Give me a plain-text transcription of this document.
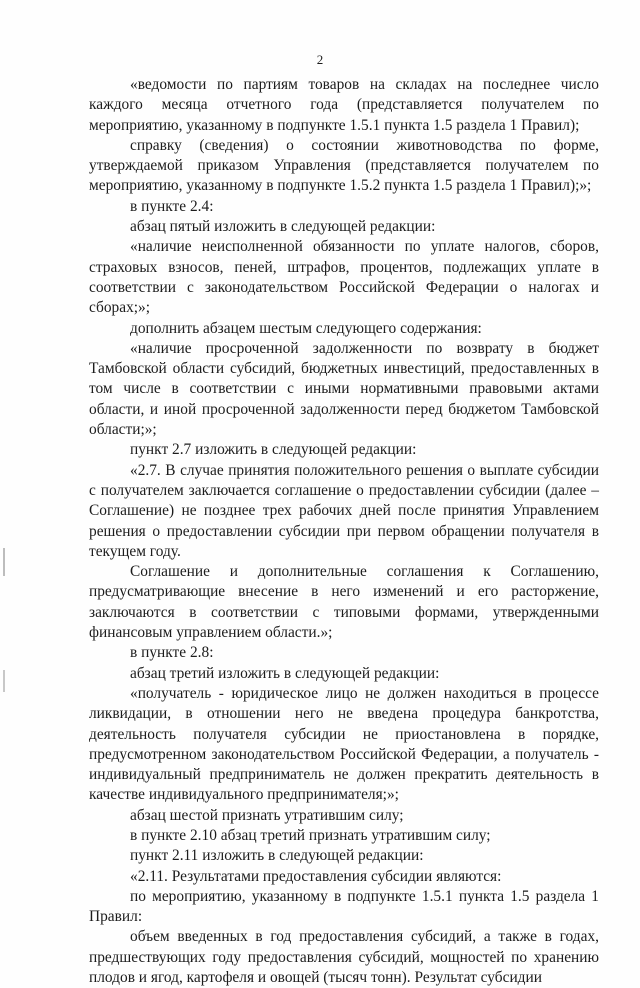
2

«ведомости по партиям товаров на складах на последнее число каждого месяца отчетного года (представляется получателем по мероприятию, указанному в подпункте 1.5.1 пункта 1.5 раздела 1 Правил);

справку (сведения) о состоянии животноводства по форме, утверждаемой приказом Управления (представляется получателем по мероприятию, указанному в подпункте 1.5.2 пункта 1.5 раздела 1 Правил);»;

в пункте 2.4:

абзац пятый изложить в следующей редакции:

«наличие неисполненной обязанности по уплате налогов, сборов, страховых взносов, пеней, штрафов, процентов, подлежащих уплате в соответствии с законодательством Российской Федерации о налогах и сборах;»;

дополнить абзацем шестым следующего содержания:

«наличие просроченной задолженности по возврату в бюджет Тамбовской области субсидий, бюджетных инвестиций, предоставленных в том числе в соответствии с иными нормативными правовыми актами области, и иной просроченной задолженности перед бюджетом Тамбовской области;»;

пункт 2.7 изложить в следующей редакции:

«2.7. В случае принятия положительного решения о выплате субсидии с получателем заключается соглашение о предоставлении субсидии (далее – Соглашение) не позднее трех рабочих дней после принятия Управлением решения о предоставлении субсидии при первом обращении получателя в текущем году.

Соглашение и дополнительные соглашения к Соглашению, предусматривающие внесение в него изменений и его расторжение, заключаются в соответствии с типовыми формами, утвержденными финансовым управлением области.»;

в пункте 2.8:

абзац третий изложить в следующей редакции:

«получатель - юридическое лицо не должен находиться в процессе ликвидации, в отношении него не введена процедура банкротства, деятельность получателя субсидии не приостановлена в порядке, предусмотренном законодательством Российской Федерации, а получатель - индивидуальный предприниматель не должен прекратить деятельность в качестве индивидуального предпринимателя;»;

абзац шестой признать утратившим силу;

в пункте 2.10 абзац третий признать утратившим силу;

пункт 2.11 изложить в следующей редакции:

«2.11. Результатами предоставления субсидии являются:

по мероприятию, указанному в подпункте 1.5.1 пункта 1.5 раздела 1 Правил:

объем введенных в год предоставления субсидий, а также в годах, предшествующих году предоставления субсидий, мощностей по хранению плодов и ягод, картофеля и овощей (тысяч тонн). Результат субсидии
